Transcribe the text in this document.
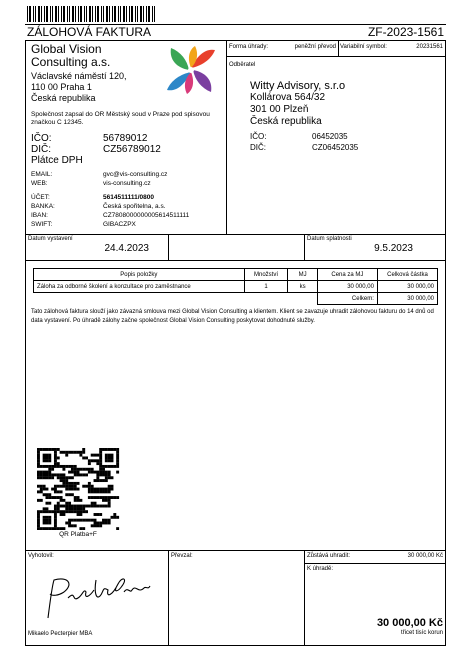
ZÁLOHOVÁ FAKTURA	ZF-2023-1561
Global Vision
Consulting a.s.
Václavské náměstí 120,
110 00 Praha 1
Česká republika
Společnost zapsal do OR Městský soud v Praze pod spisovou značkou C 12345.
IČO:	56789012
DIČ:	CZ56789012
Plátce DPH
EMAIL:	gvc@vis-consulting.cz
WEB:	vis-consulting.cz
ÚČET:	5614511111/0800
BANKA:	Česká spořitelna, a.s.
IBAN:	CZ7808000000005614511111
SWIFT:	GIBACZPX
Forma úhrady:	peněžní převod Variabilní symbol:	20231561
Odběratel
Witty Advisory, s.r.o
Kollárova 564/32
301 00 Plzeň
Česká republika
IČO:	06452035
DIČ:	CZ06452035
Datum vystavení
24.4.2023
Datum splatnosti
9.5.2023
Popis položky	Množství	MJ	Cena za MJ	Celková částka
Záloha za odborné školení a konzultace pro zaměstnance	1	ks	30 000,00	30 000,00
			Celkem:	30 000,00
Tato zálohová faktura slouží jako závazná smlouva mezi Global Vision Consulting a klientem. Klient se zavazuje uhradit zálohovou fakturu do 14 dnů od data vystavení. Po úhradě zálohy začne společnost Global Vision Consulting poskytovat dohodnuté služby.
QR Platba+F
Vyhotovil:
Mikaelo Pecterpier MBA
Převzal:	Zůstává uhradit:	30 000,00 Kč
K úhradě:
30 000,00 Kč
třicet tisíc korun
